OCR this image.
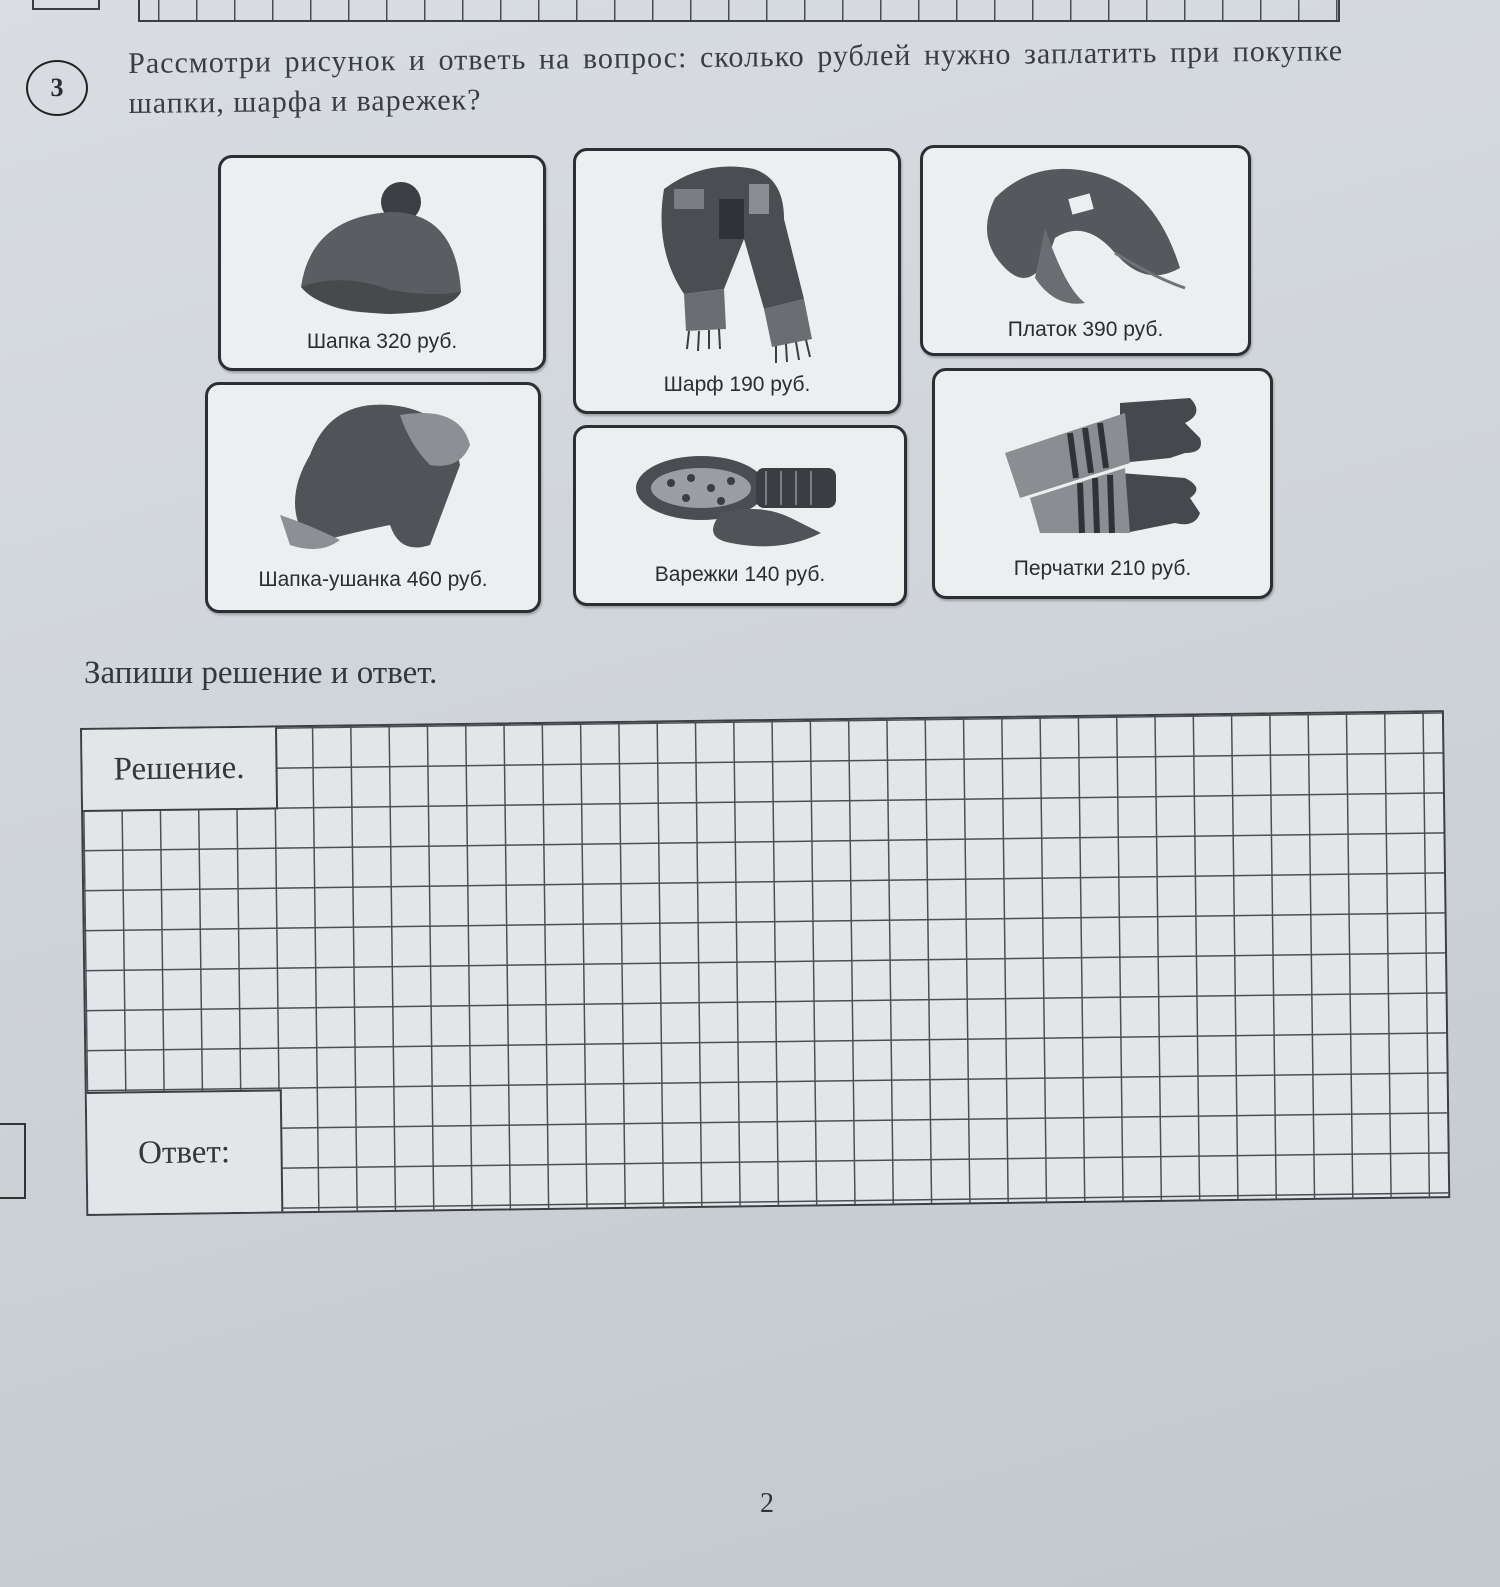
3
Рассмотри рисунок и ответь на вопрос: сколько рублей нужно заплатить при покупке шапки, шарфа и варежек?
Шапка 320 руб.
Шарф 190 руб.
Платок 390 руб.
Шапка-ушанка 460 руб.	Варежки 140 руб.	Перчатки 210 руб.
Запиши решение и ответ.
Решение.
Ответ:
2
